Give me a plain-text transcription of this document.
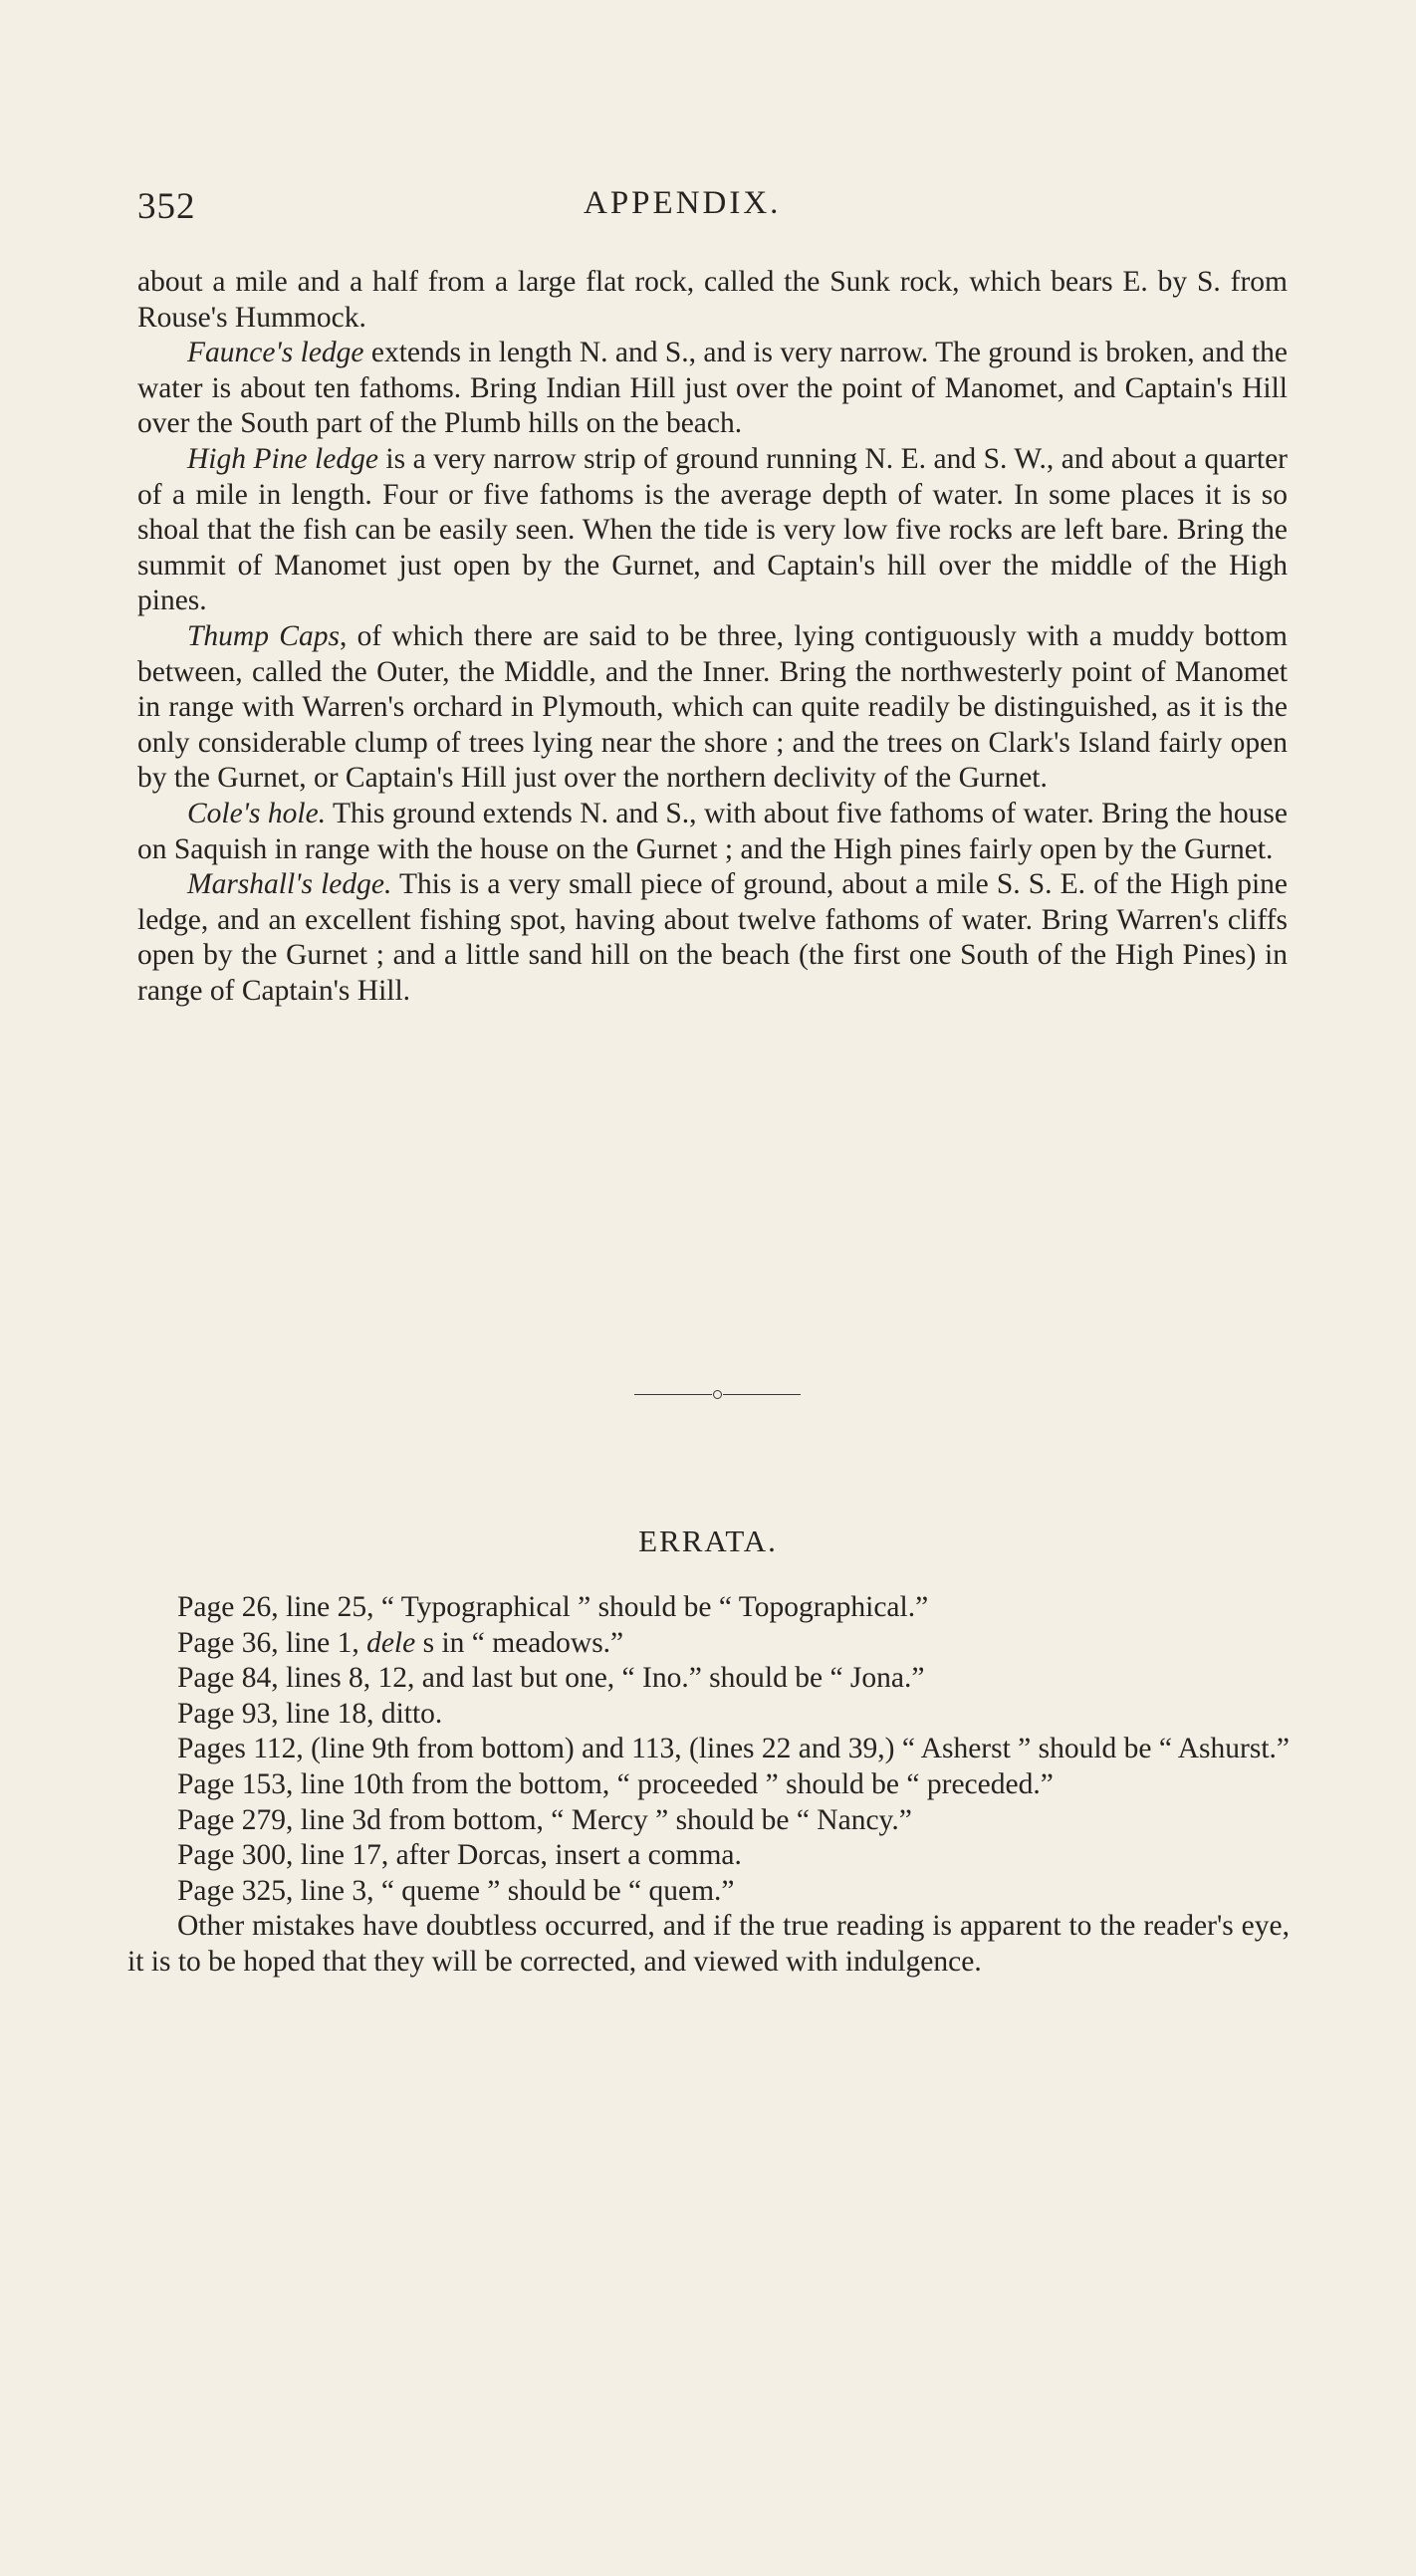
352	APPENDIX.

about a mile and a half from a large flat rock, called the Sunk rock, which bears E. by S. from Rouse's Hummock.

Faunce's ledge extends in length N. and S., and is very narrow. The ground is broken, and the water is about ten fathoms. Bring Indian Hill just over the point of Manomet, and Captain's Hill over the South part of the Plumb hills on the beach.

High Pine ledge is a very narrow strip of ground running N. E. and S. W., and about a quarter of a mile in length. Four or five fathoms is the average depth of water. In some places it is so shoal that the fish can be easily seen. When the tide is very low five rocks are left bare. Bring the summit of Manomet just open by the Gurnet, and Captain's hill over the middle of the High pines.

Thump Caps, of which there are said to be three, lying contiguously with a muddy bottom between, called the Outer, the Middle, and the Inner. Bring the northwesterly point of Manomet in range with Warren's orchard in Plymouth, which can quite readily be distinguished, as it is the only considerable clump of trees lying near the shore ; and the trees on Clark's Island fairly open by the Gurnet, or Captain's Hill just over the northern declivity of the Gurnet.

Cole's hole. This ground extends N. and S., with about five fathoms of water. Bring the house on Saquish in range with the house on the Gurnet ; and the High pines fairly open by the Gurnet.

Marshall's ledge. This is a very small piece of ground, about a mile S. S. E. of the High pine ledge, and an excellent fishing spot, having about twelve fathoms of water. Bring Warren's cliffs open by the Gurnet ; and a little sand hill on the beach (the first one South of the High Pines) in range of Captain's Hill.

ERRATA.

Page 26, line 25, “ Typographical ” should be “ Topographical.”

Page 36, line 1, dele s in “ meadows.”

Page 84, lines 8, 12, and last but one, “ Ino.” should be “ Jona.”

Page 93, line 18, ditto.

Pages 112, (line 9th from bottom) and 113, (lines 22 and 39,) “ Asherst ” should be “ Ashurst.”

Page 153, line 10th from the bottom, “ proceeded ” should be “ preceded.”

Page 279, line 3d from bottom, “ Mercy ” should be “ Nancy.”

Page 300, line 17, after Dorcas, insert a comma.

Page 325, line 3, “ queme ” should be “ quem.”

Other mistakes have doubtless occurred, and if the true reading is apparent to the reader's eye, it is to be hoped that they will be corrected, and viewed with indulgence.
